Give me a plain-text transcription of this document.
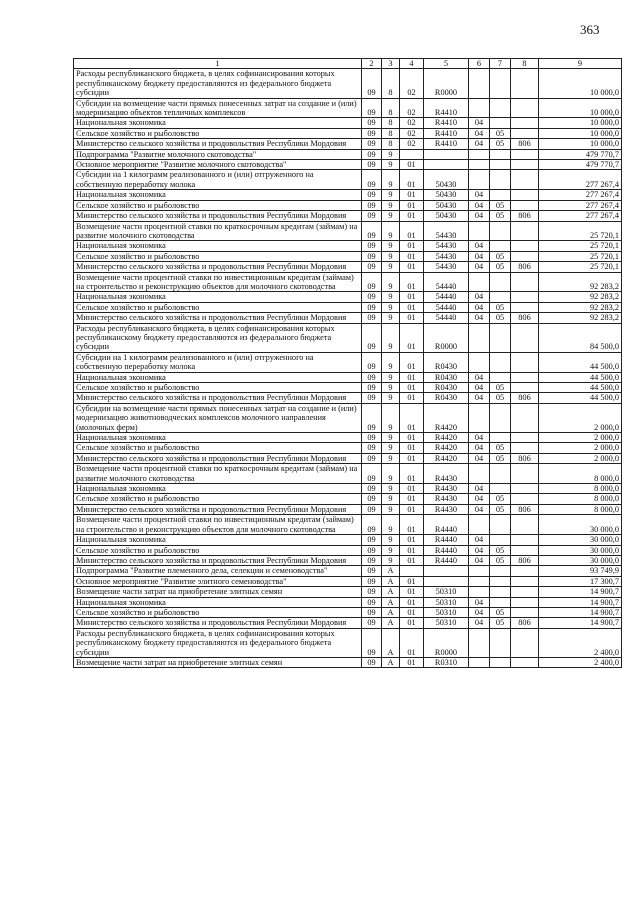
363
1	2	3	4	5	6	7	8	9
Расходы республиканского бюджета, в целях софинансирования которых республиканскому бюджету предоставляются из федерального бюджета субсидии	09	8	02	R0000				10 000,0
Субсидии на возмещение части прямых понесенных затрат на создание и (или) модернизацию объектов тепличных комплексов	09	8	02	R4410				10 000,0
Национальная экономика	09	8	02	R4410	04			10 000,0
Сельское хозяйство и рыболовство	09	8	02	R4410	04	05		10 000,0
Министерство сельского хозяйства и продовольствия Республики Мордовия	09	8	02	R4410	04	05	806	10 000,0
Подпрограмма "Развитие молочного скотоводства"	09	9						479 770,7
Основное мероприятие "Развитие молочного скотоводства"	09	9	01					479 770,7
Субсидии на 1 килограмм реализованного и (или) отгруженного на собственную переработку молока	09	9	01	50430				277 267,4
Национальная экономика	09	9	01	50430	04			277 267,4
Сельское хозяйство и рыболовство	09	9	01	50430	04	05		277 267,4
Министерство сельского хозяйства и продовольствия Республики Мордовия	09	9	01	50430	04	05	806	277 267,4
Возмещение части процентной ставки по краткосрочным кредитам (займам) на развитие молочного скотоводства	09	9	01	54430				25 720,1
Национальная экономика	09	9	01	54430	04			25 720,1
Сельское хозяйство и рыболовство	09	9	01	54430	04	05		25 720,1
Министерство сельского хозяйства и продовольствия Республики Мордовия	09	9	01	54430	04	05	806	25 720,1
Возмещение части процентной ставки по инвестиционным кредитам (займам) на строительство и реконструкцию объектов для молочного скотоводства	09	9	01	54440				92 283,2
Национальная экономика	09	9	01	54440	04			92 283,2
Сельское хозяйство и рыболовство	09	9	01	54440	04	05		92 283,2
Министерство сельского хозяйства и продовольствия Республики Мордовия	09	9	01	54440	04	05	806	92 283,2
Расходы республиканского бюджета, в целях софинансирования которых республиканскому бюджету предоставляются из федерального бюджета субсидии	09	9	01	R0000				84 500,0
Субсидии на 1 килограмм реализованного и (или) отгруженного на собственную переработку молока	09	9	01	R0430				44 500,0
Национальная экономика	09	9	01	R0430	04			44 500,0
Сельское хозяйство и рыболовство	09	9	01	R0430	04	05		44 500,0
Министерство сельского хозяйства и продовольствия Республики Мордовия	09	9	01	R0430	04	05	806	44 500,0
Субсидии на возмещение части прямых понесенных затрат на создание и (или) модернизацию животноводческих комплексов молочного направления (молочных ферм)	09	9	01	R4420				2 000,0
Национальная экономика	09	9	01	R4420	04			2 000,0
Сельское хозяйство и рыболовство	09	9	01	R4420	04	05		2 000,0
Министерство сельского хозяйства и продовольствия Республики Мордовия	09	9	01	R4420	04	05	806	2 000,0
Возмещение части процентной ставки по краткосрочным кредитам (займам) на развитие молочного скотоводства	09	9	01	R4430				8 000,0
Национальная экономика	09	9	01	R4430	04			8 000,0
Сельское хозяйство и рыболовство	09	9	01	R4430	04	05		8 000,0
Министерство сельского хозяйства и продовольствия Республики Мордовия	09	9	01	R4430	04	05	806	8 000,0
Возмещение части процентной ставки по инвестиционным кредитам (займам) на строительство и реконструкцию объектов для молочного скотоводства	09	9	01	R4440				30 000,0
Национальная экономика	09	9	01	R4440	04			30 000,0
Сельское хозяйство и рыболовство	09	9	01	R4440	04	05		30 000,0
Министерство сельского хозяйства и продовольствия Республики Мордовия	09	9	01	R4440	04	05	806	30 000,0
Подпрограмма "Развитие племенного дела, селекции и семеноводства"	09	А						93 749,9
Основное мероприятие "Развитие элитного семеноводства"	09	А	01					17 300,7
Возмещение части затрат на приобретение элитных семян	09	А	01	50310				14 900,7
Национальная экономика	09	А	01	50310	04			14 900,7
Сельское хозяйство и рыболовство	09	А	01	50310	04	05		14 900,7
Министерство сельского хозяйства и продовольствия Республики Мордовия	09	А	01	50310	04	05	806	14 900,7
Расходы республиканского бюджета, в целях софинансирования которых республиканскому бюджету предоставляются из федерального бюджета субсидии	09	А	01	R0000				2 400,0
Возмещение части затрат на приобретение элитных семян	09	А	01	R0310				2 400,0
